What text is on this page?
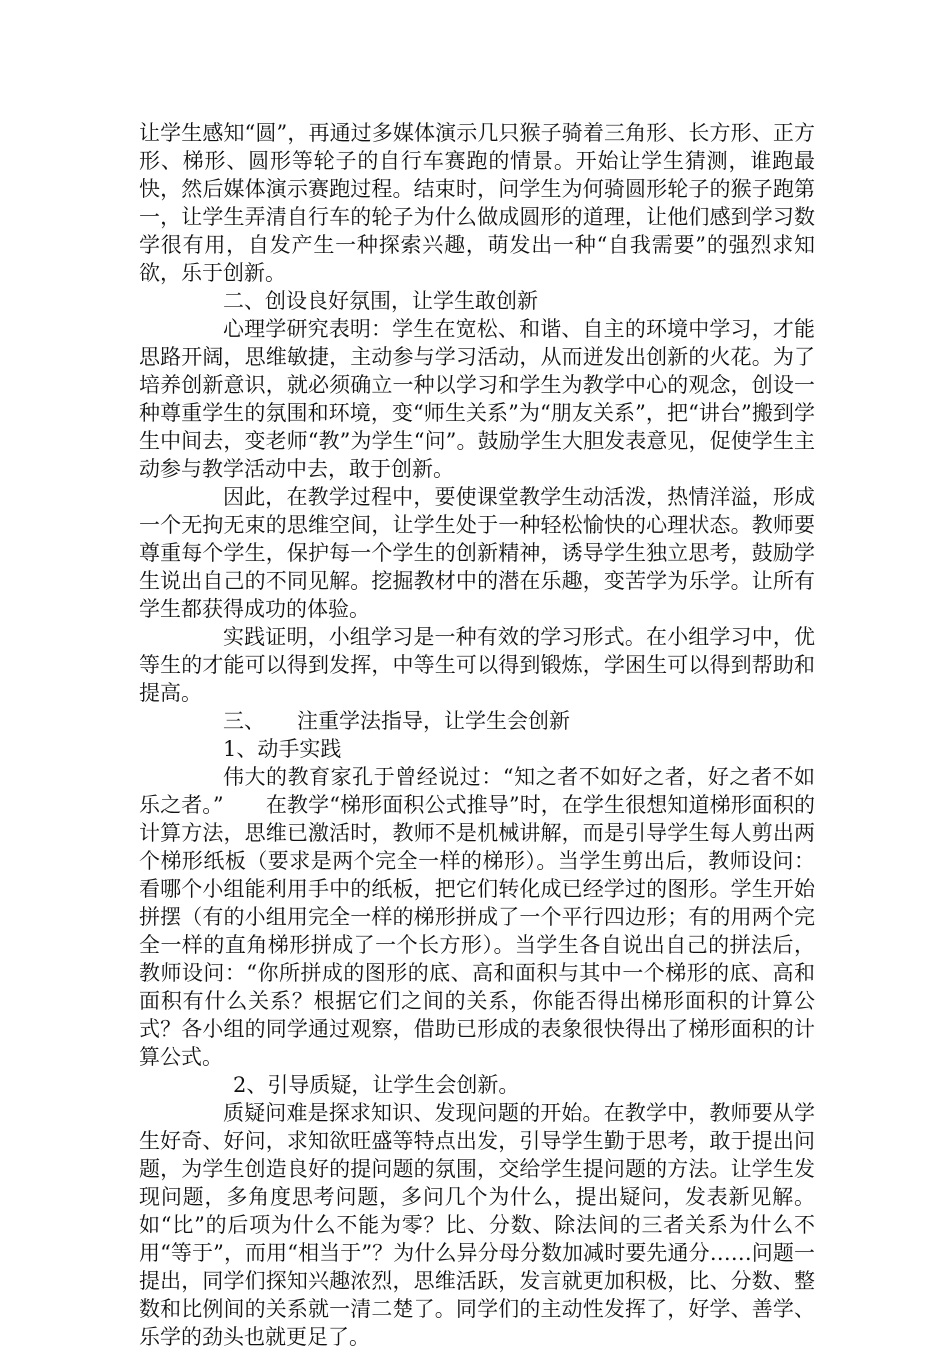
让学生感知“圆”，再通过多媒体演示几只猴子骑着三角形、长方形、正方形、梯形、圆形等轮子的自行车赛跑的情景。开始让学生猜测，谁跑最快，然后媒体演示赛跑过程。结束时，问学生为何骑圆形轮子的猴子跑第一，让学生弄清自行车的轮子为什么做成圆形的道理，让他们感到学习数学很有用，自发产生一种探索兴趣，萌发出一种“自我需要”的强烈求知欲，乐于创新。

二、创设良好氛围，让学生敢创新

心理学研究表明：学生在宽松、和谐、自主的环境中学习，才能思路开阔，思维敏捷，主动参与学习活动，从而迸发出创新的火花。为了培养创新意识，就必须确立一种以学习和学生为教学中心的观念，创设一种尊重学生的氛围和环境，变“师生关系”为“朋友关系”，把“讲台”搬到学生中间去，变老师“教”为学生“问”。鼓励学生大胆发表意见，促使学生主动参与教学活动中去，敢于创新。

因此，在教学过程中，要使课堂教学生动活泼，热情洋溢，形成一个无拘无束的思维空间，让学生处于一种轻松愉快的心理状态。教师要尊重每个学生，保护每一个学生的创新精神，诱导学生独立思考，鼓励学生说出自己的不同见解。挖掘教材中的潜在乐趣，变苦学为乐学。让所有学生都获得成功的体验。

实践证明，小组学习是一种有效的学习形式。在小组学习中，优等生的才能可以得到发挥，中等生可以得到锻炼，学困生可以得到帮助和提高。

三、 注重学法指导，让学生会创新

1、动手实践

伟大的教育家孔于曾经说过：“知之者不如好之者，好之者不如乐之者。”　　在教学“梯形面积公式推导”时，在学生很想知道梯形面积的计算方法，思维已激活时，教师不是机械讲解，而是引导学生每人剪出两个梯形纸板（要求是两个完全一样的梯形）。当学生剪出后，教师设问：看哪个小组能利用手中的纸板，把它们转化成已经学过的图形。学生开始拼摆（有的小组用完全一样的梯形拼成了一个平行四边形；有的用两个完全一样的直角梯形拼成了一个长方形）。当学生各自说出自己的拼法后，教师设问：“你所拼成的图形的底、高和面积与其中一个梯形的底、高和面积有什么关系？根据它们之间的关系，你能否得出梯形面积的计算公式？各小组的同学通过观察，借助已形成的表象很快得出了梯形面积的计算公式。

2、引导质疑，让学生会创新。

质疑问难是探求知识、发现问题的开始。在教学中，教师要从学生好奇、好问，求知欲旺盛等特点出发，引导学生勤于思考，敢于提出问题，为学生创造良好的提问题的氛围，交给学生提问题的方法。让学生发现问题，多角度思考问题，多问几个为什么，提出疑问，发表新见解。如“比”的后项为什么不能为零？比、分数、除法间的三者关系为什么不用“等于”，而用“相当于”？为什么异分母分数加减时要先通分……问题一提出，同学们探知兴趣浓烈，思维活跃，发言就更加积极，比、分数、整数和比例间的关系就一清二楚了。同学们的主动性发挥了，好学、善学、乐学的劲头也就更足了。
